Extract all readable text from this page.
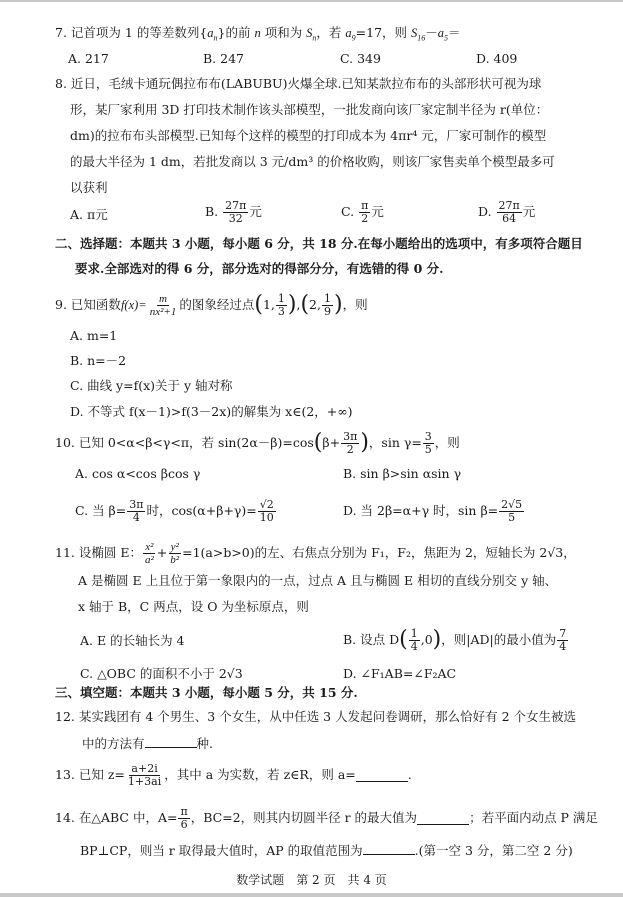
7. 记首项为 1 的等差数列$\{a_n\}$的前 n 项和为 $S_n$，若 $a_9=17$，则 $S_{16}-a_5=$
A. 217	B. 247	C. 349	D. 409
8. 近日，毛绒卡通玩偶拉布布(LABUBU)火爆全球.已知某款拉布布的头部形状可视为球
形，某厂家利用 3D 打印技术制作该头部模型，一批发商向该厂家定制半径为 r(单位：
dm)的拉布布头部模型.已知每个这样的模型的打印成本为 4πr⁴ 元，厂家可制作的模型
的最大半径为 1 dm，若批发商以 3 元/dm³ 的价格收购，则该厂家售卖单个模型最多可
以获利
A. π元	B. $\frac{27\pi}{32}$ 元	C. $\frac{\pi}{2}$ 元	D. $\frac{27\pi}{64}$ 元
二、选择题：本题共 3 小题，每小题 6 分，共 18 分.在每小题给出的选项中，有多项符合题目
要求.全部选对的得 6 分，部分选对的得部分分，有选错的得 0 分.
9.
已知函数 $f(x)= \frac{m}{\text{nx²+1}}$ 的图象经过点 ( 1, $\frac{1}{3}$ ) , ( 2, $\frac{1}{9}$ ) ，则
A. m=1
B. n=－2
C. 曲线 y=f(x)关于 y 轴对称
D. 不等式 f(x－1)>f(3－2x)的解集为 x∈(2，+∞)
10.
已知 0<α<β<γ<π，若 sin(2α－β)=cos ( $\beta+ \frac{3\pi}{2}$ ) ，$\sin \gamma= \frac{3}{5}$ ，则
A. cos α<cos βcos γ	B. sin β>sin αsin γ
C. 当 $\beta= \frac{3\pi}{4}$ 时，$\cos(\alpha+\beta+\gamma)= \frac{√2}{10}$	D. 当 2β=α+γ 时，$\sin \beta= \frac{2√5}{5}$
11.
设椭圆 E： $\frac{\text{x²}}{\text{a²}} + \frac{\text{y²}}{\text{b²}} =1(a>b>0)$的左、右焦点分别为 F₁，F₂，焦距为 2，短轴长为 2√3，
A 是椭圆 E 上且位于第一象限内的一点，过点 A 且与椭圆 E 相切的直线分别交 y 轴、
x 轴于 B，C 两点，设 O 为坐标原点，则
A. E 的长轴长为 4	B. 设点 D ( $\frac{1}{4} ,0$ ) ，则|AD|的最小值为 $\frac{7}{4}$
C. △OBC 的面积不小于 2√3	D. ∠F₁AB=∠F₂AC
三、填空题：本题共 3 小题，每小题 5 分，共 15 分.
12. 某实践团有 4 个男生、3 个女生，从中任选 3 人发起问卷调研，那么恰好有 2 个女生被选
中的方法有	种.
13.
已知 $z= \frac{a+2i}{1+3ai}$ ，其中 a 为实数，若 z∈R，则 a=	.
14.
在△ABC 中，$A= \frac{\pi}{6}$ ，BC=2，则其内切圆半径 r 的最大值为	；若平面内动点 P 满足
BP⊥CP，则当 r 取得最大值时，AP 的取值范围为	.(第一空 3 分，第二空 2 分)
数学试题　第 2 页　共 4 页
